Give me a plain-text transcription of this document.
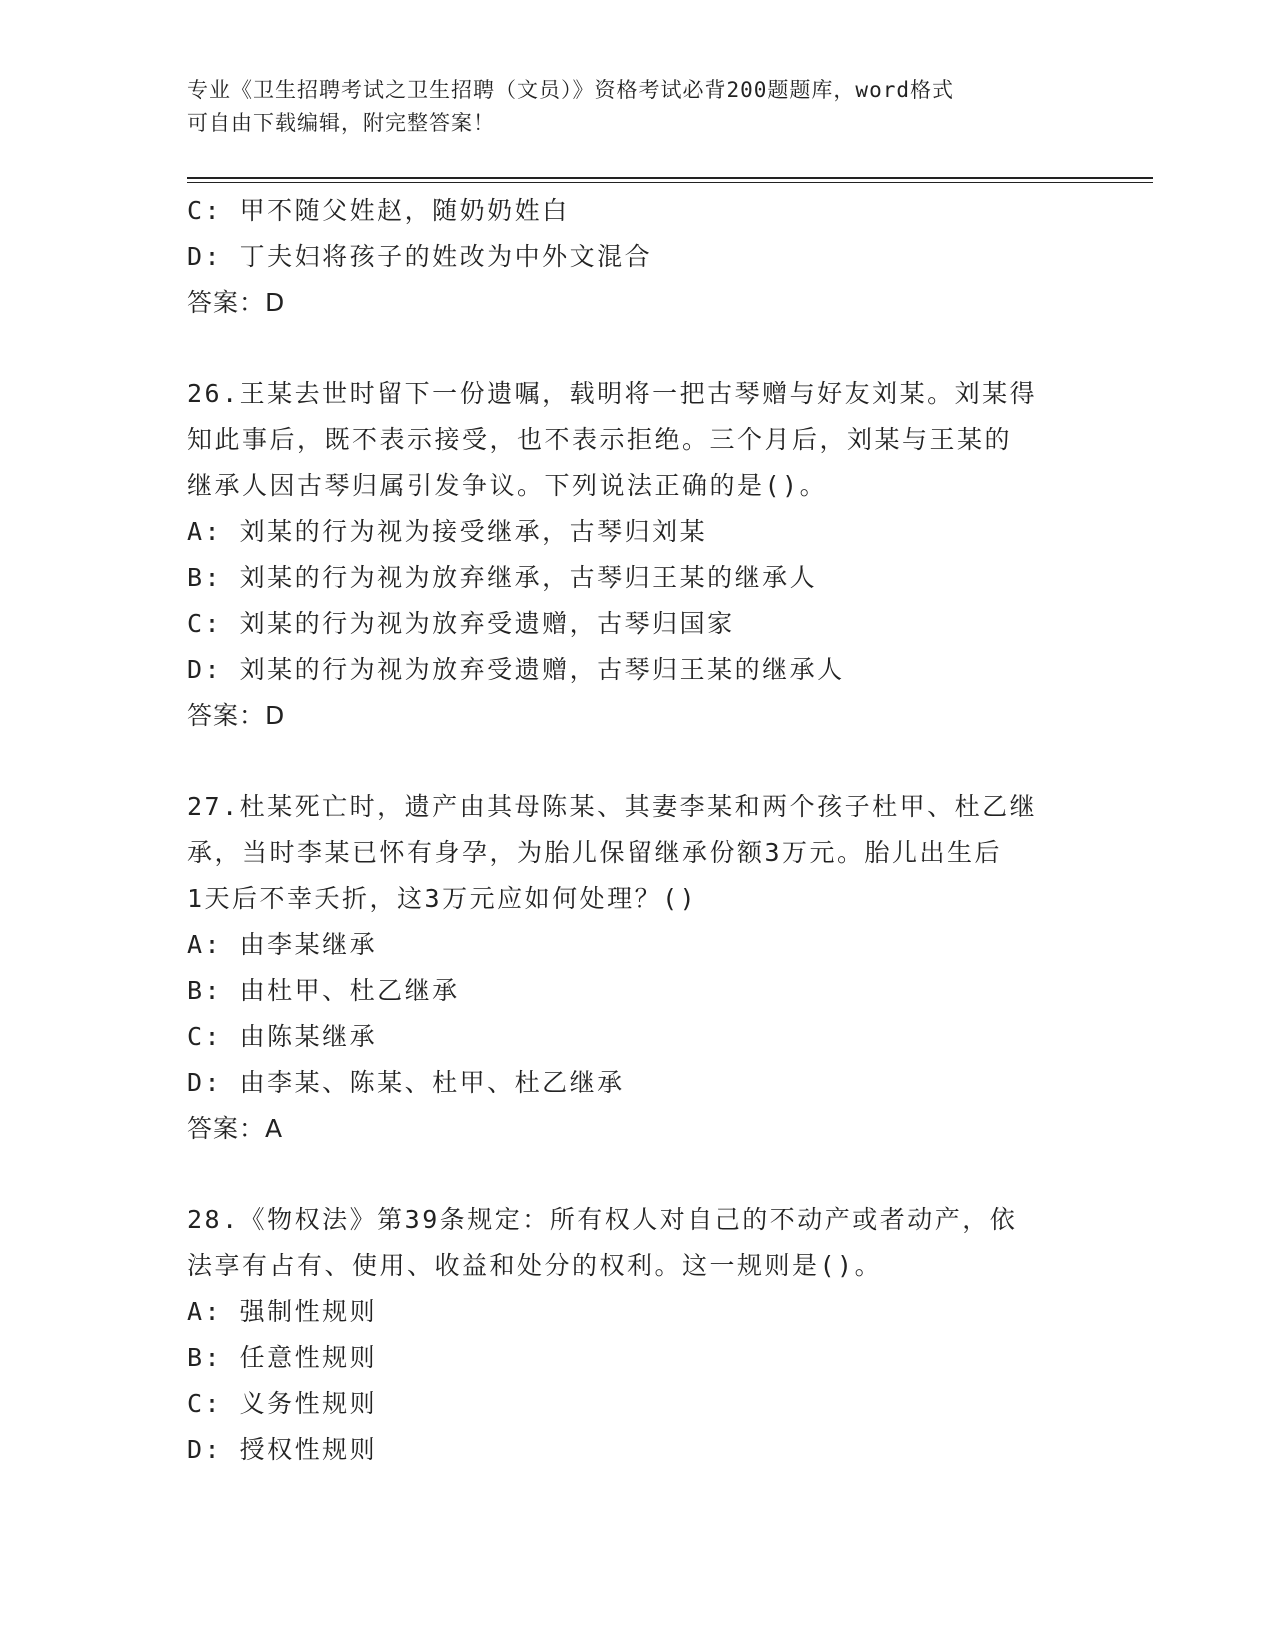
专业《卫生招聘考试之卫生招聘（文员）》资格考试必背200题题库，word格式
可自由下载编辑，附完整答案！
C: 甲不随父姓赵，随奶奶姓白
D: 丁夫妇将孩子的姓改为中外文混合
答案：D
26.王某去世时留下一份遗嘱，载明将一把古琴赠与好友刘某。刘某得
知此事后，既不表示接受，也不表示拒绝。三个月后，刘某与王某的
继承人因古琴归属引发争议。下列说法正确的是()。
A: 刘某的行为视为接受继承，古琴归刘某
B: 刘某的行为视为放弃继承，古琴归王某的继承人
C: 刘某的行为视为放弃受遗赠，古琴归国家
D: 刘某的行为视为放弃受遗赠，古琴归王某的继承人
答案：D
27.杜某死亡时，遗产由其母陈某、其妻李某和两个孩子杜甲、杜乙继
承，当时李某已怀有身孕，为胎儿保留继承份额3万元。胎儿出生后
1天后不幸夭折，这3万元应如何处理？()
A: 由李某继承
B: 由杜甲、杜乙继承
C: 由陈某继承
D: 由李某、陈某、杜甲、杜乙继承
答案：A
28.《物权法》第39条规定：所有权人对自己的不动产或者动产，依
法享有占有、使用、收益和处分的权利。这一规则是()。
A: 强制性规则
B: 任意性规则
C: 义务性规则
D: 授权性规则
